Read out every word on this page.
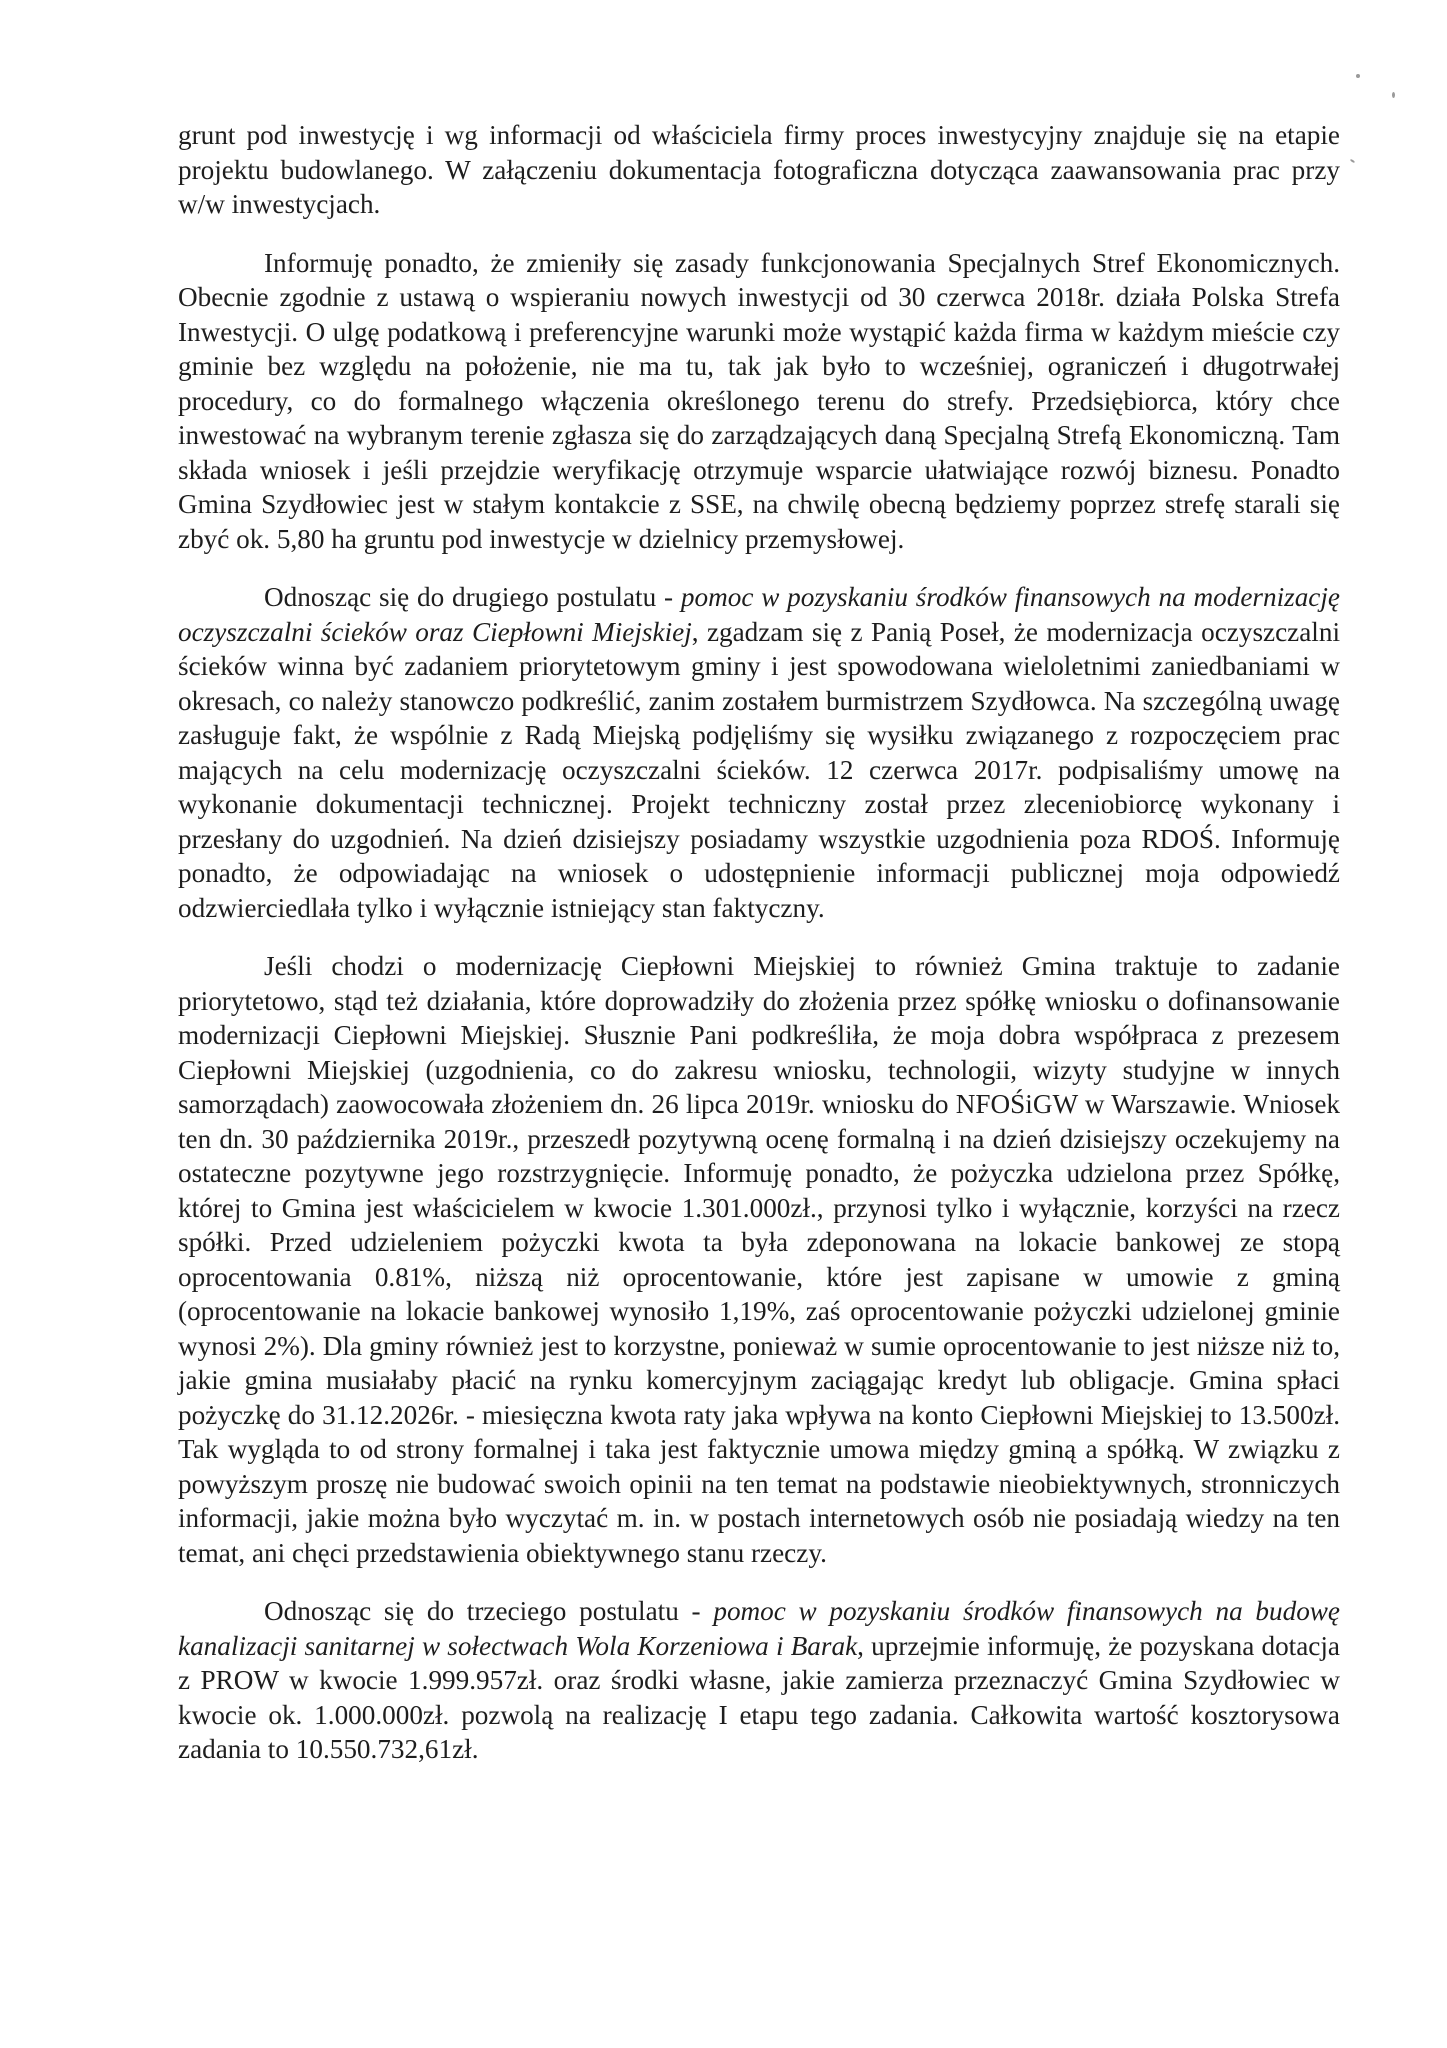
grunt pod inwestycję i wg informacji od właściciela firmy proces inwestycyjny znajduje się na etapie projektu budowlanego. W załączeniu dokumentacja fotograficzna dotycząca zaawansowania prac przy w/w inwestycjach.

Informuję ponadto, że zmieniły się zasady funkcjonowania Specjalnych Stref Ekonomicznych. Obecnie zgodnie z ustawą o wspieraniu nowych inwestycji od 30 czerwca 2018r. działa Polska Strefa Inwestycji. O ulgę podatkową i preferencyjne warunki może wystąpić każda firma w każdym mieście czy gminie bez względu na położenie, nie ma tu, tak jak było to wcześniej, ograniczeń i długotrwałej procedury, co do formalnego włączenia określonego terenu do strefy. Przedsiębiorca, który chce inwestować na wybranym terenie zgłasza się do zarządzających daną Specjalną Strefą Ekonomiczną. Tam składa wniosek i jeśli przejdzie weryfikację otrzymuje wsparcie ułatwiające rozwój biznesu. Ponadto Gmina Szydłowiec jest w stałym kontakcie z SSE, na chwilę obecną będziemy poprzez strefę starali się zbyć ok. 5,80 ha gruntu pod inwestycje w dzielnicy przemysłowej.

Odnosząc się do drugiego postulatu - pomoc w pozyskaniu środków finansowych na modernizację oczyszczalni ścieków oraz Ciepłowni Miejskiej, zgadzam się z Panią Poseł, że modernizacja oczyszczalni ścieków winna być zadaniem priorytetowym gminy i jest spowodowana wieloletnimi zaniedbaniami w okresach, co należy stanowczo podkreślić, zanim zostałem burmistrzem Szydłowca. Na szczególną uwagę zasługuje fakt, że wspólnie z Radą Miejską podjęliśmy się wysiłku związanego z rozpoczęciem prac mających na celu modernizację oczyszczalni ścieków. 12 czerwca 2017r. podpisaliśmy umowę na wykonanie dokumentacji technicznej. Projekt techniczny został przez zleceniobiorcę wykonany i przesłany do uzgodnień. Na dzień dzisiejszy posiadamy wszystkie uzgodnienia poza RDOŚ. Informuję ponadto, że odpowiadając na wniosek o udostępnienie informacji publicznej moja odpowiedź odzwierciedlała tylko i wyłącznie istniejący stan faktyczny.

Jeśli chodzi o modernizację Ciepłowni Miejskiej to również Gmina traktuje to zadanie priorytetowo, stąd też działania, które doprowadziły do złożenia przez spółkę wniosku o dofinansowanie modernizacji Ciepłowni Miejskiej. Słusznie Pani podkreśliła, że moja dobra współpraca z prezesem Ciepłowni Miejskiej (uzgodnienia, co do zakresu wniosku, technologii, wizyty studyjne w innych samorządach) zaowocowała złożeniem dn. 26 lipca 2019r. wniosku do NFOŚiGW w Warszawie. Wniosek ten dn. 30 października 2019r., przeszedł pozytywną ocenę formalną i na dzień dzisiejszy oczekujemy na ostateczne pozytywne jego rozstrzygnięcie. Informuję ponadto, że pożyczka udzielona przez Spółkę, której to Gmina jest właścicielem w kwocie 1.301.000zł., przynosi tylko i wyłącznie, korzyści na rzecz spółki. Przed udzieleniem pożyczki kwota ta była zdeponowana na lokacie bankowej ze stopą oprocentowania 0.81%, niższą niż oprocentowanie, które jest zapisane w umowie z gminą (oprocentowanie na lokacie bankowej wynosiło 1,19%, zaś oprocentowanie pożyczki udzielonej gminie wynosi 2%). Dla gminy również jest to korzystne, ponieważ w sumie oprocentowanie to jest niższe niż to, jakie gmina musiałaby płacić na rynku komercyjnym zaciągając kredyt lub obligacje. Gmina spłaci pożyczkę do 31.12.2026r. - miesięczna kwota raty jaka wpływa na konto Ciepłowni Miejskiej to 13.500zł. Tak wygląda to od strony formalnej i taka jest faktycznie umowa między gminą a spółką. W związku z powyższym proszę nie budować swoich opinii na ten temat na podstawie nieobiektywnych, stronniczych informacji, jakie można było wyczytać m. in. w postach internetowych osób nie posiadają wiedzy na ten temat, ani chęci przedstawienia obiektywnego stanu rzeczy.

Odnosząc się do trzeciego postulatu - pomoc w pozyskaniu środków finansowych na budowę kanalizacji sanitarnej w sołectwach Wola Korzeniowa i Barak, uprzejmie informuję, że pozyskana dotacja z PROW w kwocie 1.999.957zł. oraz środki własne, jakie zamierza przeznaczyć Gmina Szydłowiec w kwocie ok. 1.000.000zł. pozwolą na realizację I etapu tego zadania. Całkowita wartość kosztorysowa zadania to 10.550.732,61zł.
